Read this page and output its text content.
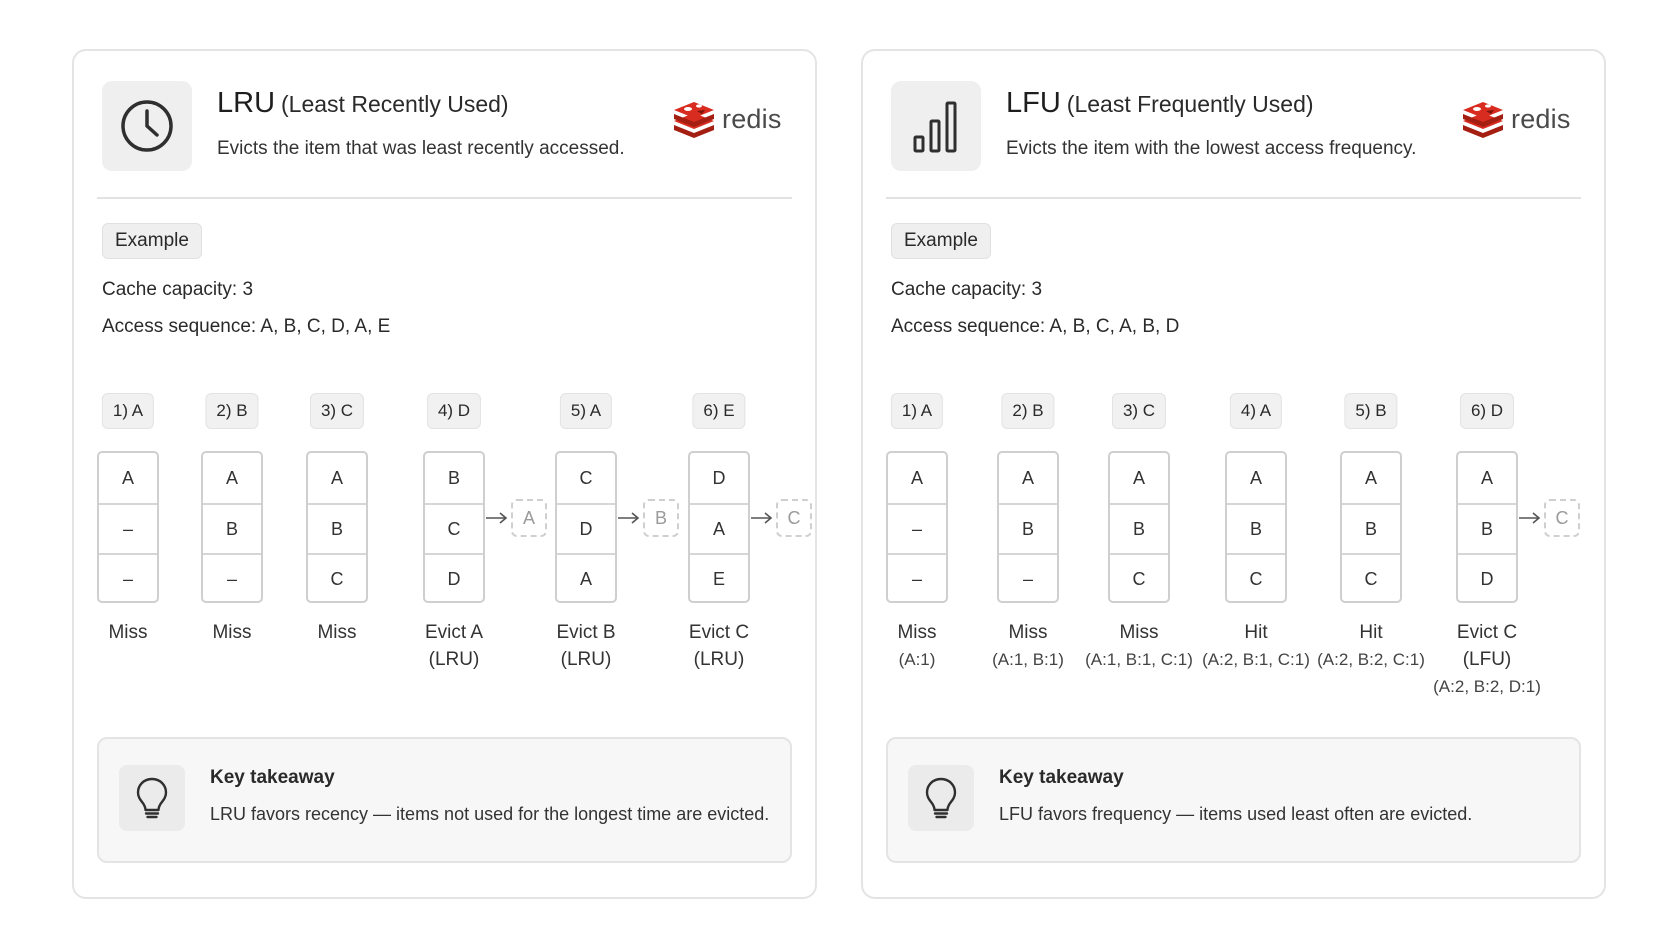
LRU (Least Recently Used)
Evicts the item that was least recently accessed.
redis
Example
Cache capacity: 3
Access sequence: A, B, C, D, A, E
1) A
A
–
–
Miss
2) B
A
B
–
Miss
3) C
A
B
C
Miss
4) D
B
C
D
A
Evict A
(LRU)
5) A
C
D
A
B
Evict B
(LRU)
6) E
D
A
E
C
Evict C
(LRU)
Key takeaway
LRU favors recency — items not used for the longest time are evicted.
LFU (Least Frequently Used)
Evicts the item with the lowest access frequency.
redis
Example
Cache capacity: 3
Access sequence: A, B, C, A, B, D
1) A
A
–
–
Miss
(A:1)
2) B
A
B
–
Miss
(A:1, B:1)
3) C
A
B
C
Miss
(A:1, B:1, C:1)
4) A
A
B
C
Hit
(A:2, B:1, C:1)
5) B
A
B
C
Hit
(A:2, B:2, C:1)
6) D
A
B
D
C
Evict C
(LFU)
(A:2, B:2, D:1)
Key takeaway
LFU favors frequency — items used least often are evicted.
